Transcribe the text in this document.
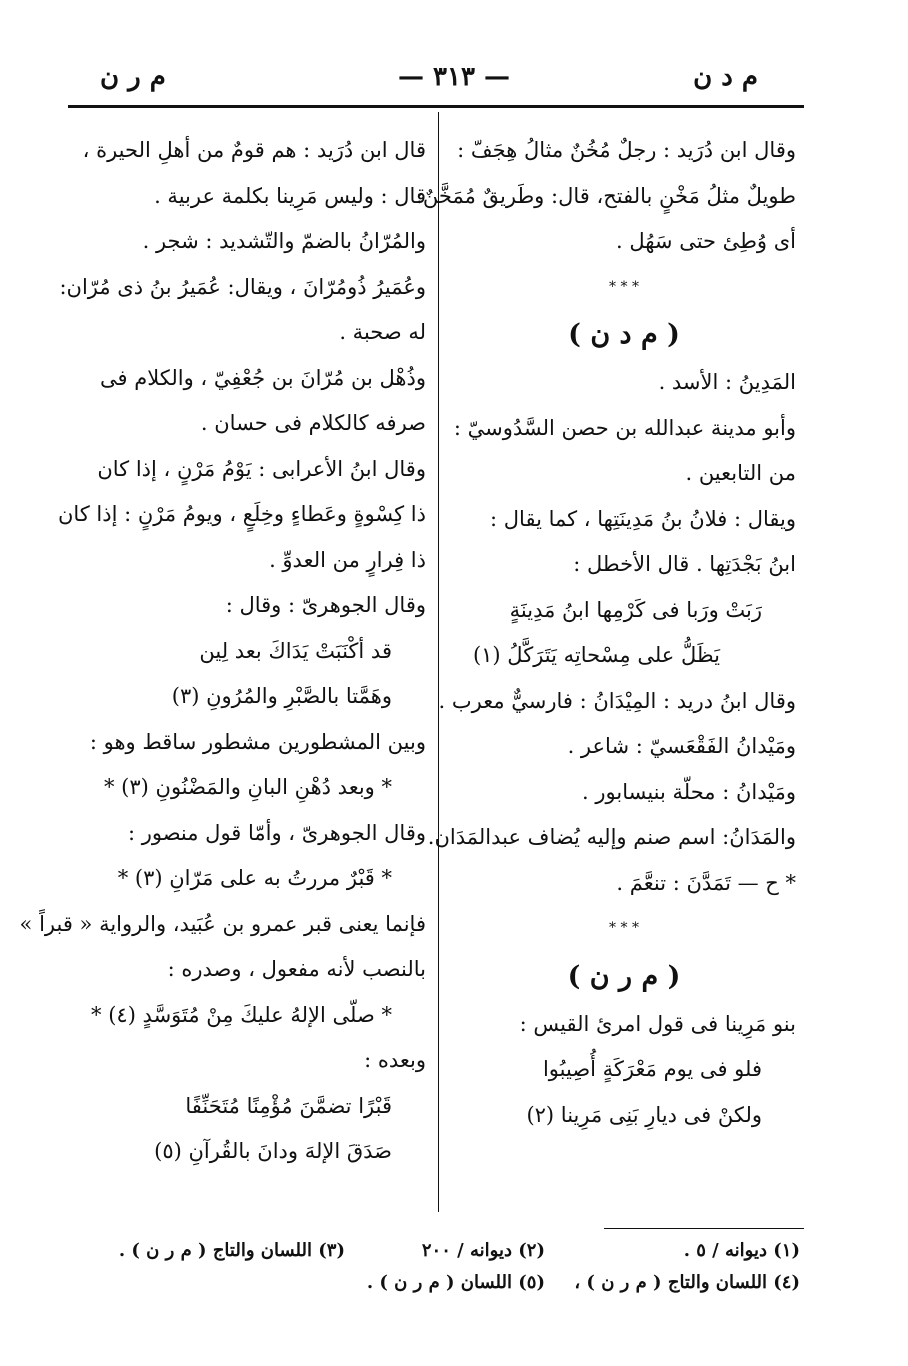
م د ن
— ٣١٣ —
م ر ن

وقال ابن دُرَيد : رجلٌ مُخُنٌ مثالُ هِجَفّ :

طويلٌ مثلُ مَخْنٍ بالفتح، قال: وطَريقٌ مُمَخَّنٌ:

أى وُطِئ حتى سَهُل .

* * *

( م د ن )

المَدِينُ : الأسد .

وأبو مدينة عبدالله بن حصن السَّدُوسيّ :

من التابعين .

ويقال : فلانُ بنُ مَدِينَتِها ، كما يقال :

ابنُ بَجْدَتِها . قال الأخطل :

رَبَتْ ورَبا فى كَرْمِها ابنُ مَدِينَةٍ

يَظَلُّ على مِسْحاتِه يَتَرَكَّلُ (١)

وقال ابنُ دريد : المِيْدَانُ : فارسيٌّ معرب .

ومَيْدانُ الفَقْعَسيّ : شاعر .

ومَيْدانُ : محلّة بنيسابور .

والمَدَانُ: اسم صنم وإليه يُضاف عبدالمَدَان.

* ح — تَمَدَّنَ : تنعَّمَ .

* * *

( م ر ن )

بنو مَرِينا فى قول امرئ القيس :

فلو فى يوم مَعْرَكَةٍ أُصِيبُوا

ولكنْ فى ديارِ بَنِى مَرِينا (٢)

قال ابن دُرَيد : هم قومٌ من أهلِ الحيرة ،

قال : وليس مَرِينا بكلمة عربية .

والمُرّانُ بالضمّ والتّشديد : شجر .

وعُمَيرُ ذُومُرّانَ ، ويقال: عُمَيرُ بنُ ذى مُرّان:

له صحبة .

وذُهْل بن مُرّانَ بن جُعْفِيّ ، والكلام فى

صرفه كالكلام فى حسان .

وقال ابنُ الأعرابى : يَوْمُ مَرْنٍ ، إذا كان

ذا كِسْوةٍ وعَطاءٍ وخِلَعٍ ، ويومُ مَرْنٍ : إذا كان

ذا فِرارٍ من العدوِّ .

وقال الجوهرىّ : وقال :

قد أكْنَبَتْ يَدَاكَ بعد لِين

وهَمَّتا بالصَّبْرِ والمُرُونِ (٣)

وبين المشطورين مشطور ساقط وهو :

* وبعد دُهْنِ البانِ والمَضْنُونِ (٣) *

وقال الجوهرىّ ، وأمّا قول منصور :

* قَبْرٌ مررتُ به على مَرّانِ (٣) *

فإنما يعنى قبر عمرو بن عُبَيد، والرواية « قبراً »

بالنصب لأنه مفعول ، وصدره :

* صلّى الإلهُ عليكَ مِنْ مُتَوَسَّدٍ (٤) *

وبعده :

قَبْرًا تضمَّنَ مُؤْمِنًا مُتَحَنِّفًا

صَدَقَ الإلهَ ودانَ بالقُرآنِ (٥)

(١) ديوانه / ٥ .
(٢) ديوانه / ٢٠٠
(٣) اللسان والتاج ( م ر ن ) .
(٤) اللسان والتاج ( م ر ن ) ،
(٥) اللسان ( م ر ن ) .
